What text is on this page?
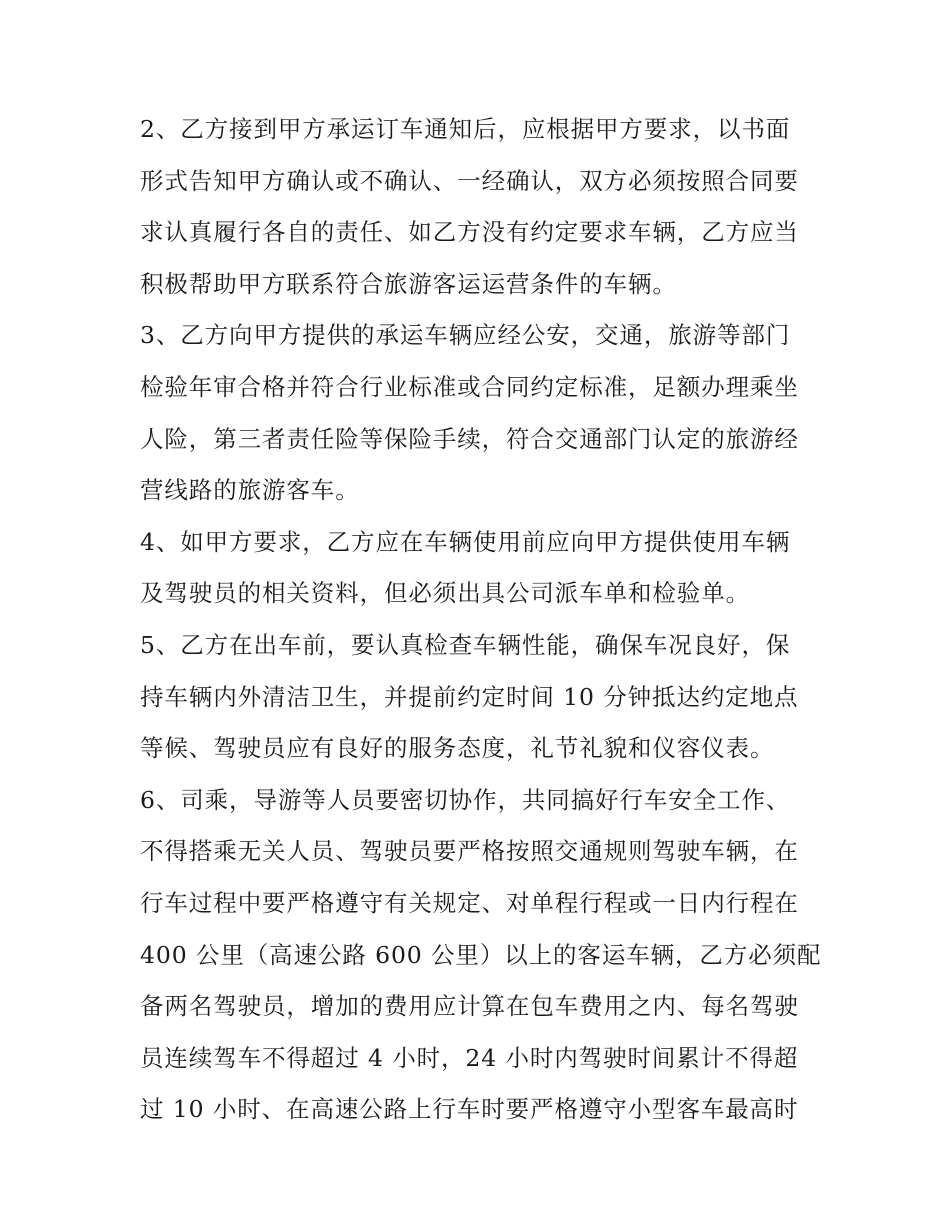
2、乙方接到甲方承运订车通知后，应根据甲方要求，以书面
形式告知甲方确认或不确认、一经确认，双方必须按照合同要
求认真履行各自的责任、如乙方没有约定要求车辆，乙方应当
积极帮助甲方联系符合旅游客运运营条件的车辆。
3、乙方向甲方提供的承运车辆应经公安，交通，旅游等部门
检验年审合格并符合行业标准或合同约定标准，足额办理乘坐
人险，第三者责任险等保险手续，符合交通部门认定的旅游经
营线路的旅游客车。
4、如甲方要求，乙方应在车辆使用前应向甲方提供使用车辆
及驾驶员的相关资料，但必须出具公司派车单和检验单。
5、乙方在出车前，要认真检查车辆性能，确保车况良好，保
持车辆内外清洁卫生，并提前约定时间 10 分钟抵达约定地点
等候、驾驶员应有良好的服务态度，礼节礼貌和仪容仪表。
6、司乘，导游等人员要密切协作，共同搞好行车安全工作、
不得搭乘无关人员、驾驶员要严格按照交通规则驾驶车辆，在
行车过程中要严格遵守有关规定、对单程行程或一日内行程在
400 公里（高速公路 600 公里）以上的客运车辆，乙方必须配
备两名驾驶员，增加的费用应计算在包车费用之内、每名驾驶
员连续驾车不得超过 4 小时，24 小时内驾驶时间累计不得超
过 10 小时、在高速公路上行车时要严格遵守小型客车最高时
